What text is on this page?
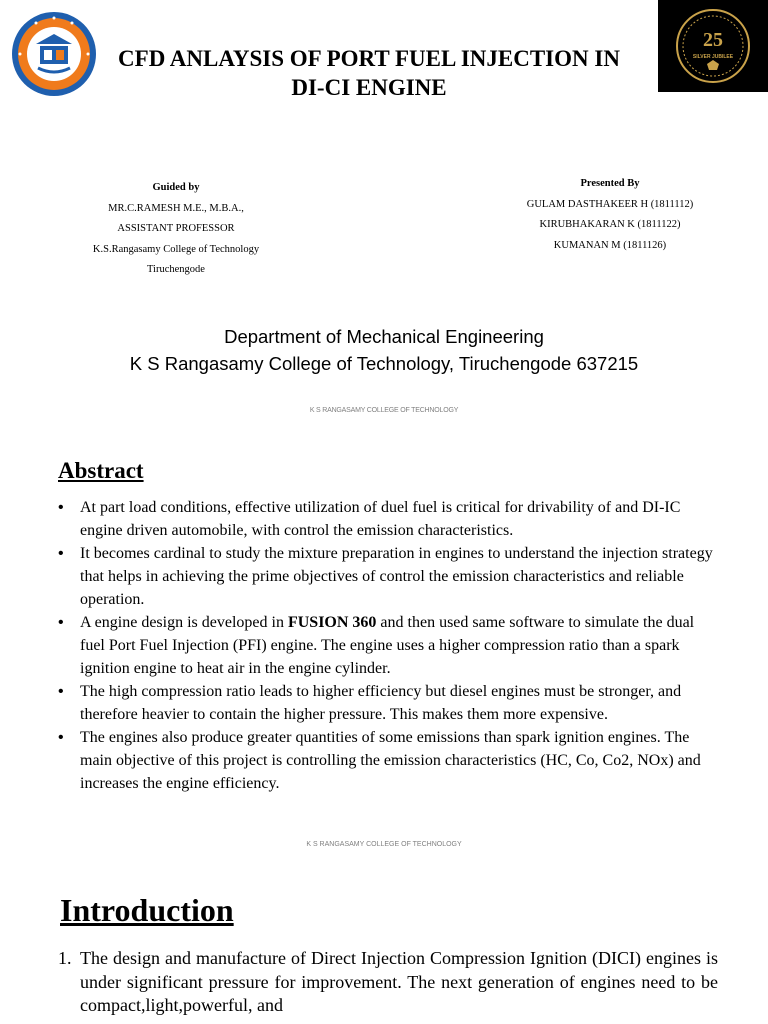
25
SILVER JUBILEE
CFD ANLAYSIS OF PORT FUEL INJECTION IN DI-CI ENGINE
Guided by
MR.C.RAMESH M.E., M.B.A.,
ASSISTANT PROFESSOR
K.S.Rangasamy College of Technology
Tiruchengode
Presented By
GULAM DASTHAKEER H (1811112)
KIRUBHAKARAN K (1811122)
KUMANAN M (1811126)
Department of Mechanical Engineering
K S Rangasamy College of Technology, Tiruchengode 637215
K S RANGASAMY COLLEGE OF TECHNOLOGY
Abstract
• At part load conditions, effective utilization of duel fuel is critical for drivability of and DI-IC engine driven automobile, with control the emission characteristics.
• It becomes cardinal to study the mixture preparation in engines to understand the injection strategy that helps in achieving the prime objectives of control the emission characteristics and reliable operation.
• A engine design is developed in FUSION 360 and then used same software to simulate the dual fuel Port Fuel Injection (PFI) engine. The engine uses a higher compression ratio than a spark ignition engine to heat air in the engine cylinder.
• The high compression ratio leads to higher efficiency but diesel engines must be stronger, and therefore heavier to contain the higher pressure. This makes them more expensive.
• The engines also produce greater quantities of some emissions than spark ignition engines. The main objective of this project is controlling the emission characteristics (HC, Co, Co2, NOx) and increases the engine efficiency.
K S RANGASAMY COLLEGE OF TECHNOLOGY
Introduction
1. The design and manufacture of Direct Injection Compression Ignition (DICI) engines is under significant pressure for improvement. The next generation of engines need to be compact,light,powerful, and
